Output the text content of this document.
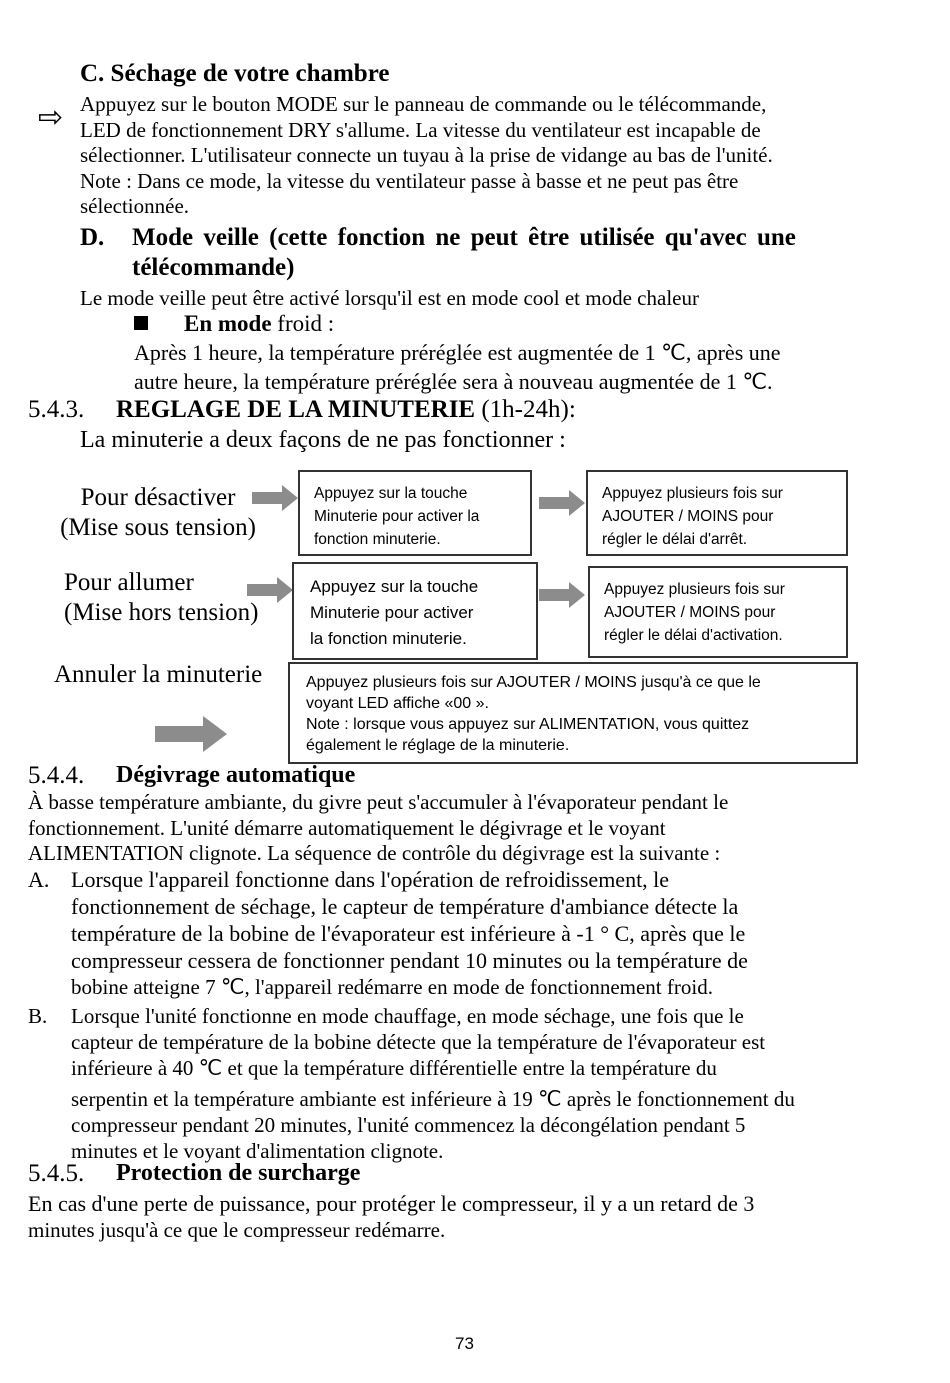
C. Séchage de votre chambre
⇨ Appuyez sur le bouton MODE sur le panneau de commande ou le télécommande,
LED de fonctionnement DRY s'allume. La vitesse du ventilateur est incapable de
sélectionner. L'utilisateur connecte un tuyau à la prise de vidange au bas de l'unité.
Note : Dans ce mode, la vitesse du ventilateur passe à basse et ne peut pas être
sélectionnée.
D. Mode veille (cette fonction ne peut être utilisée qu'avec une
télécommande)
Le mode veille peut être activé lorsqu'il est en mode cool et mode chaleur
En mode froid :
Après 1 heure, la température préréglée est augmentée de 1 ℃, après une
autre heure, la température préréglée sera à nouveau augmentée de 1 ℃.
5.4.3. REGLAGE DE LA MINUTERIE (1h-24h):
La minuterie a deux façons de ne pas fonctionner :
Pour désactiver
(Mise sous tension)
Appuyez sur la touche
Minuterie pour activer la
fonction minuterie.
Appuyez plusieurs fois sur
AJOUTER / MOINS pour
régler le délai d'arrêt.
Pour allumer
(Mise hors tension)
Appuyez sur la touche
Minuterie pour activer
la fonction minuterie.
Appuyez plusieurs fois sur
AJOUTER / MOINS pour
régler le délai d'activation.
Annuler la minuterie	Appuyez plusieurs fois sur AJOUTER / MOINS jusqu'à ce que le
voyant LED affiche «00 ».
Note : lorsque vous appuyez sur ALIMENTATION, vous quittez
également le réglage de la minuterie.
5.4.4. Dégivrage automatique
À basse température ambiante, du givre peut s'accumuler à l'évaporateur pendant le
fonctionnement. L'unité démarre automatiquement le dégivrage et le voyant
ALIMENTATION clignote. La séquence de contrôle du dégivrage est la suivante :
A. Lorsque l'appareil fonctionne dans l'opération de refroidissement, le
fonctionnement de séchage, le capteur de température d'ambiance détecte la
température de la bobine de l'évaporateur est inférieure à -1 ° C, après que le
compresseur cessera de fonctionner pendant 10 minutes ou la température de
bobine atteigne 7 ℃, l'appareil redémarre en mode de fonctionnement froid.
B. Lorsque l'unité fonctionne en mode chauffage, en mode séchage, une fois que le
capteur de température de la bobine détecte que la température de l'évaporateur est
inférieure à 40 ℃ et que la température différentielle entre la température du
serpentin et la température ambiante est inférieure à 19 ℃ après le fonctionnement du
compresseur pendant 20 minutes, l'unité commencez la décongélation pendant 5
minutes et le voyant d'alimentation clignote.
5.4.5. Protection de surcharge
En cas d'une perte de puissance, pour protéger le compresseur, il y a un retard de 3
minutes jusqu'à ce que le compresseur redémarre.
73
